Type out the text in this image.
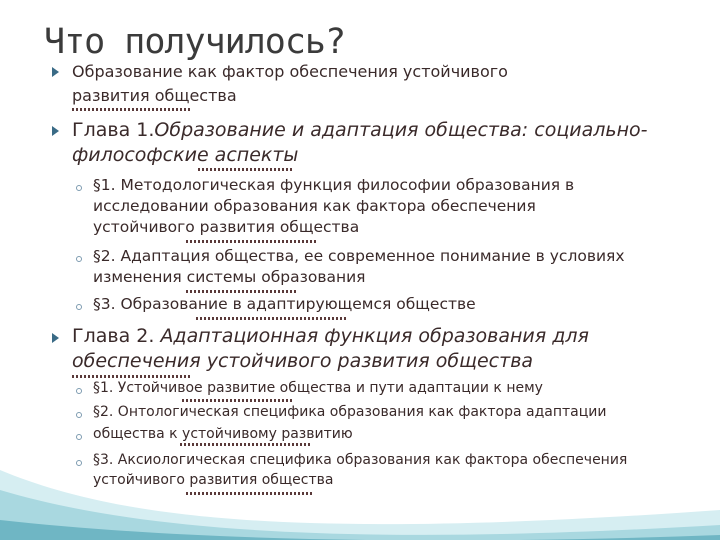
Что получилось?

Образование как фактор обеспечения устойчивого

развития общества

Глава 1.Образование и адаптация общества: социально-

философские аспекты

§1. Методологическая функция философии образования в

исследовании образования как фактора обеспечения

устойчивого развития общества

§2. Адаптация общества, ее современное понимание в условиях

изменения системы образования

§3. Образование в адаптирующемся обществе

Глава 2. Адаптационная функция образования для

обеспечения устойчивого развития общества

§1. Устойчивое развитие общества и пути адаптации к нему

§2. Онтологическая специфика образования как фактора адаптации

общества к устойчивому развитию

§3. Аксиологическая специфика образования как фактора обеспечения

устойчивого развития общества
